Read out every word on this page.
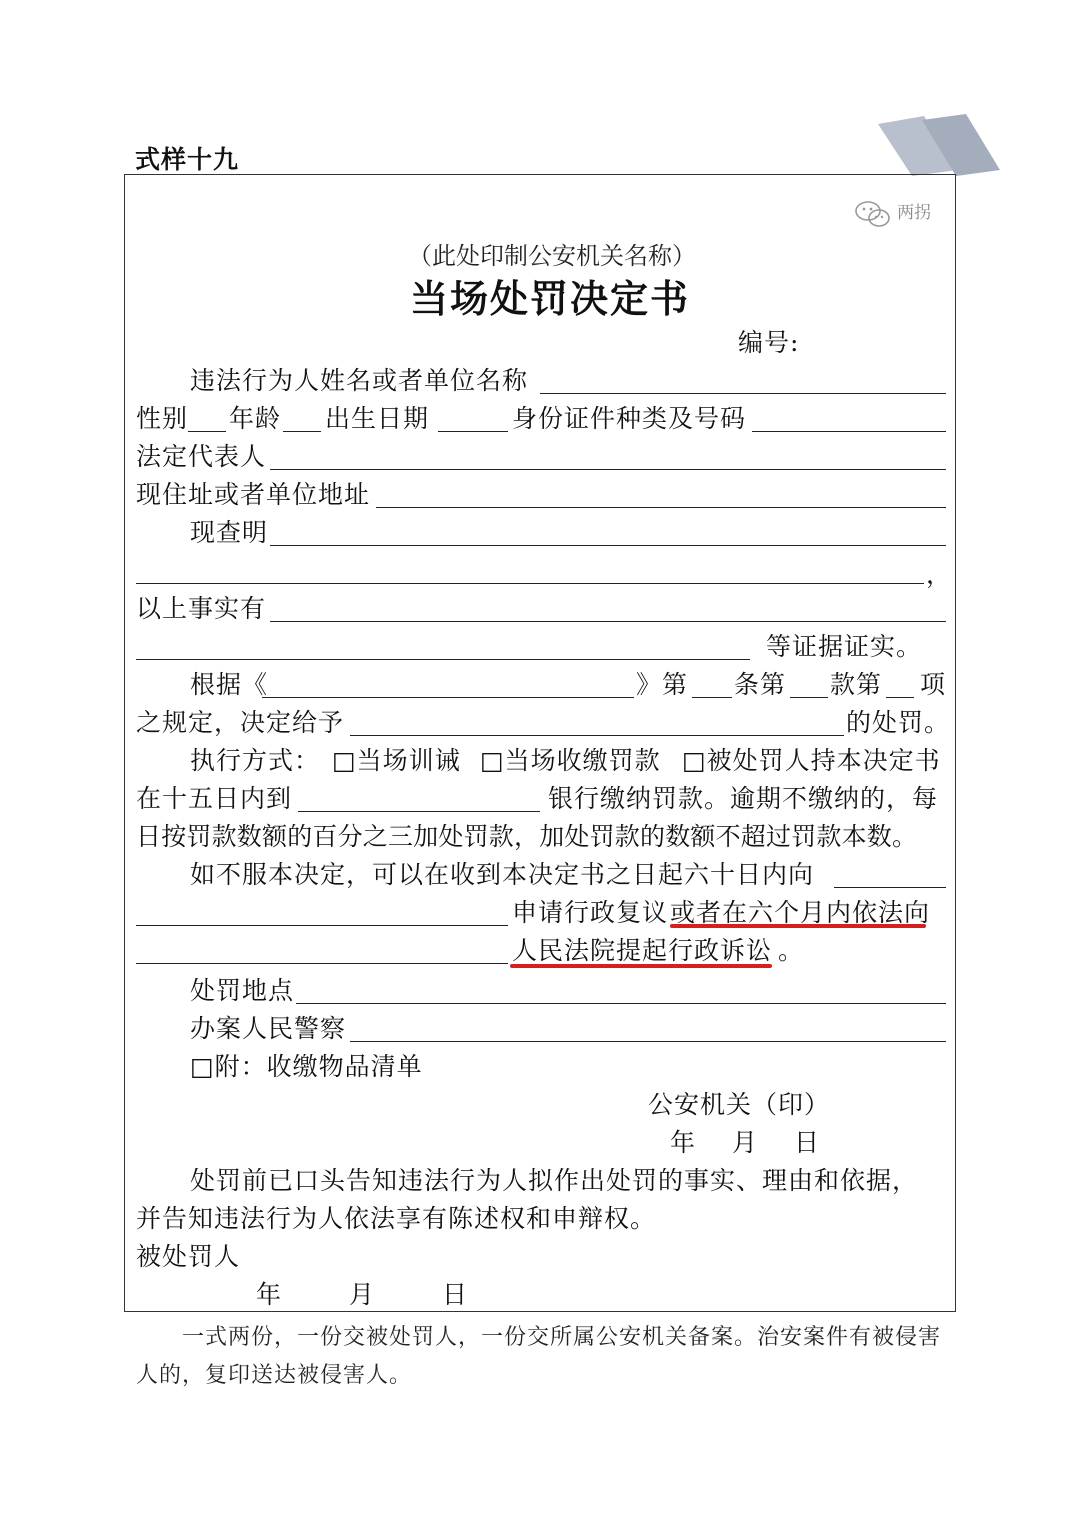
式样十九
两拐
（此处印制公安机关名称）
当场处罚决定书
编号:
违法行为人姓名或者单位名称
性别 年龄 出生日期	身份证件种类及号码
法定代表人
现住址或者单位地址
现查明
，
以上事实有
等证据证实。
根据《	》第 条第 款第 项
之规定，决定给予	的处罚。
执行方式： □当场训诫 □当场收缴罚款 □被处罚人持本决定书
在十五日内到	银行缴纳罚款。逾期不缴纳的，每
日按罚款数额的百分之三加处罚款，加处罚款的数额不超过罚款本数。
如不服本决定，可以在收到本决定书之日起六十日内向
申请行政复议 或者在六个月内依法向
人民法院提起行政诉讼 。
处罚地点
办案人民警察
□附：收缴物品清单
公安机关（印）
年　月　日
处罚前已口头告知违法行为人拟作出处罚的事实、理由和依据，
并告知违法行为人依法享有陈述权和申辩权。
被处罚人
年　　月　　日
一式两份，一份交被处罚人，一份交所属公安机关备案。治安案件有被侵害
人的，复印送达被侵害人。
